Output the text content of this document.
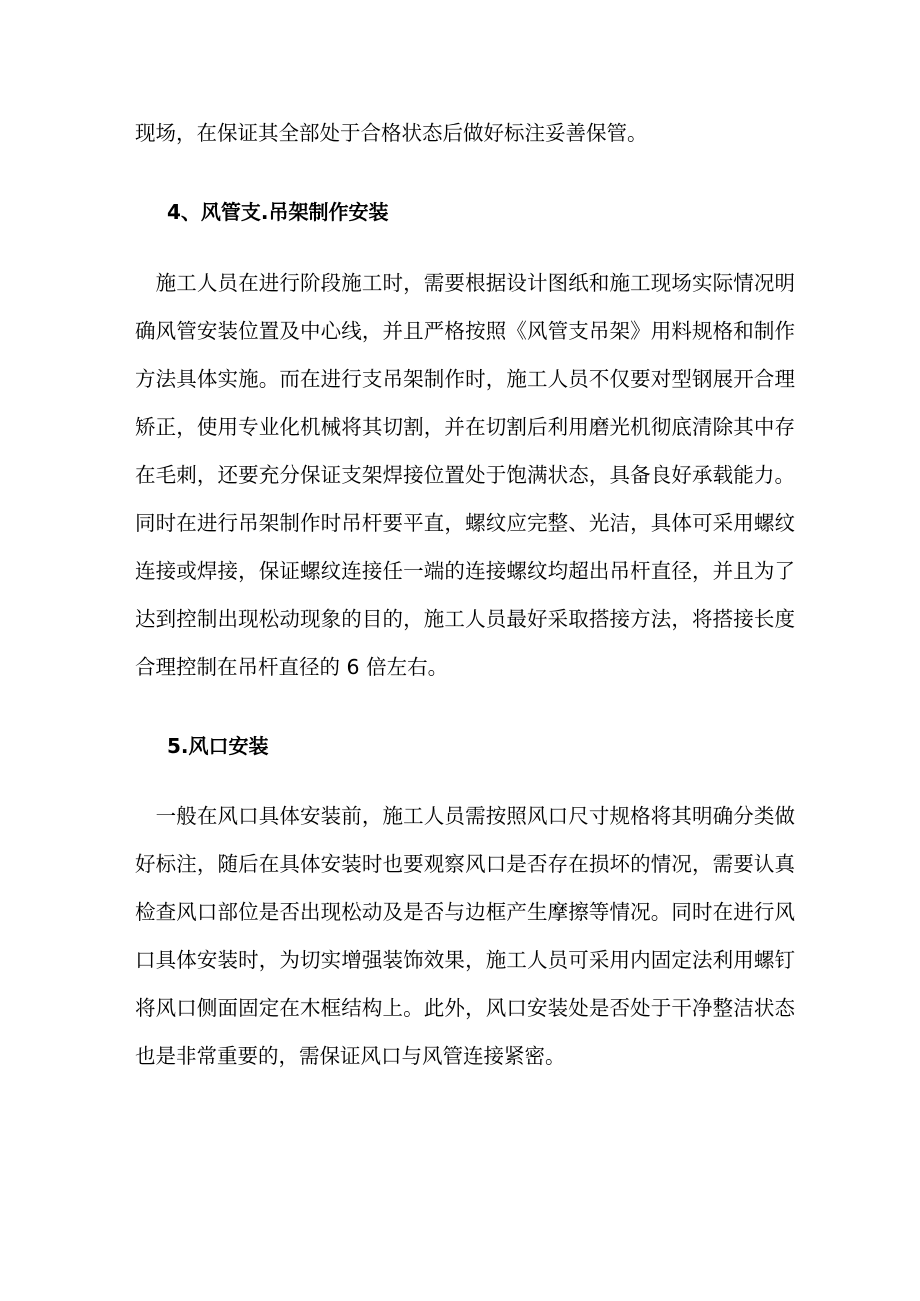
现场，在保证其全部处于合格状态后做好标注妥善保管。
4、风管支.吊架制作安装
　施工人员在进行阶段施工时，需要根据设计图纸和施工现场实际情况明
确风管安装位置及中心线，并且严格按照《风管支吊架》用料规格和制作
方法具体实施。而在进行支吊架制作时，施工人员不仅要对型钢展开合理
矫正，使用专业化机械将其切割，并在切割后利用磨光机彻底清除其中存
在毛刺，还要充分保证支架焊接位置处于饱满状态，具备良好承载能力。
同时在进行吊架制作时吊杆要平直，螺纹应完整、光洁，具体可采用螺纹
连接或焊接，保证螺纹连接任一端的连接螺纹均超出吊杆直径，并且为了
达到控制出现松动现象的目的，施工人员最好采取搭接方法，将搭接长度
合理控制在吊杆直径的 6 倍左右。
5.风口安装
　一般在风口具体安装前，施工人员需按照风口尺寸规格将其明确分类做
好标注，随后在具体安装时也要观察风口是否存在损坏的情况，需要认真
检查风口部位是否出现松动及是否与边框产生摩擦等情况。同时在进行风
口具体安装时，为切实增强装饰效果，施工人员可采用内固定法利用螺钉
将风口侧面固定在木框结构上。此外，风口安装处是否处于干净整洁状态
也是非常重要的，需保证风口与风管连接紧密。
